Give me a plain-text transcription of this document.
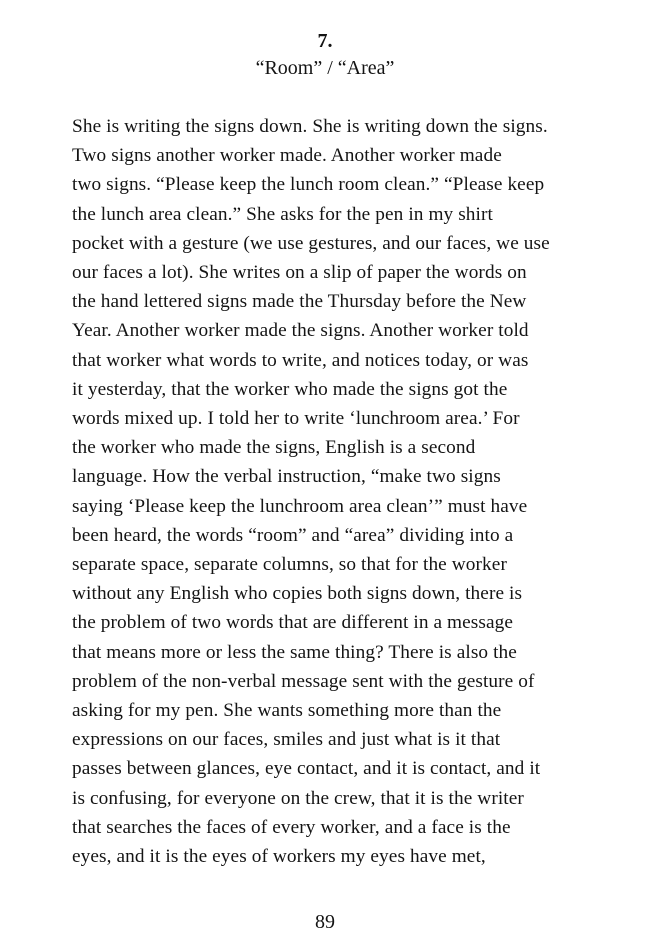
7.
“Room” / “Area”
She is writing the signs down. She is writing down the signs.
Two signs another worker made. Another worker made
two signs. “Please keep the lunch room clean.” “Please keep
the lunch area clean.” She asks for the pen in my shirt
pocket with a gesture (we use gestures, and our faces, we use
our faces a lot). She writes on a slip of paper the words on
the hand lettered signs made the Thursday before the New
Year. Another worker made the signs. Another worker told
that worker what words to write, and notices today, or was
it yesterday, that the worker who made the signs got the
words mixed up. I told her to write ‘lunchroom area.’ For
the worker who made the signs, English is a second
language. How the verbal instruction, “make two signs
saying ‘Please keep the lunchroom area clean’” must have
been heard, the words “room” and “area” dividing into a
separate space, separate columns, so that for the worker
without any English who copies both signs down, there is
the problem of two words that are different in a message
that means more or less the same thing? There is also the
problem of the non-verbal message sent with the gesture of
asking for my pen. She wants something more than the
expressions on our faces, smiles and just what is it that
passes between glances, eye contact, and it is contact, and it
is confusing, for everyone on the crew, that it is the writer
that searches the faces of every worker, and a face is the
eyes, and it is the eyes of workers my eyes have met,
89
